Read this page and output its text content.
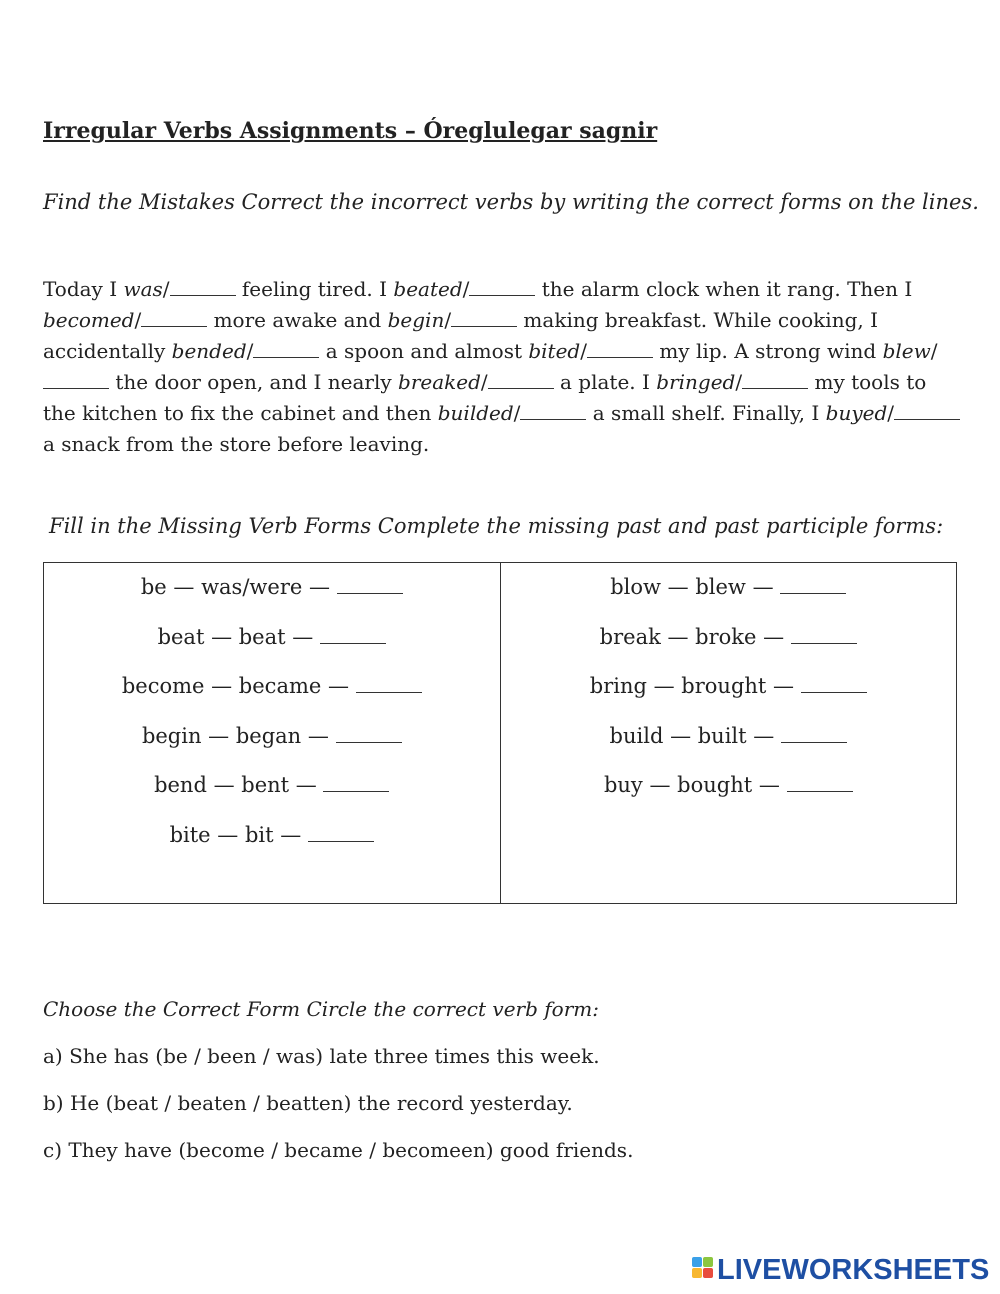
Irregular Verbs Assignments – Óreglulegar sagnir
Find the Mistakes Correct the incorrect verbs by writing the correct forms on the lines.
Today I was/	feeling tired. I beated/	the alarm clock when it rang. Then I becomed/	more awake and begin/	making breakfast. While cooking, I accidentally bended/	a spoon and almost bited/	my lip. A strong wind blew/ the door open, and I nearly breaked/	a plate. I bringed/	my tools to the kitchen to fix the cabinet and then builded/	a small shelf. Finally, I buyed/ a snack from the store before leaving.
Fill in the Missing Verb Forms Complete the missing past and past participle forms:
be — was/were —
beat — beat —
become — became —
begin — began —
bend — bent —
bite — bit —

blow — blew —
break — broke —
bring — brought —
build — built —
buy — bought —
Choose the Correct Form Circle the correct verb form:
a) She has (be / been / was) late three times this week.
b) He (beat / beaten / beatten) the record yesterday.
c) They have (become / became / becomeen) good friends.
LIVEWORKSHEETS
